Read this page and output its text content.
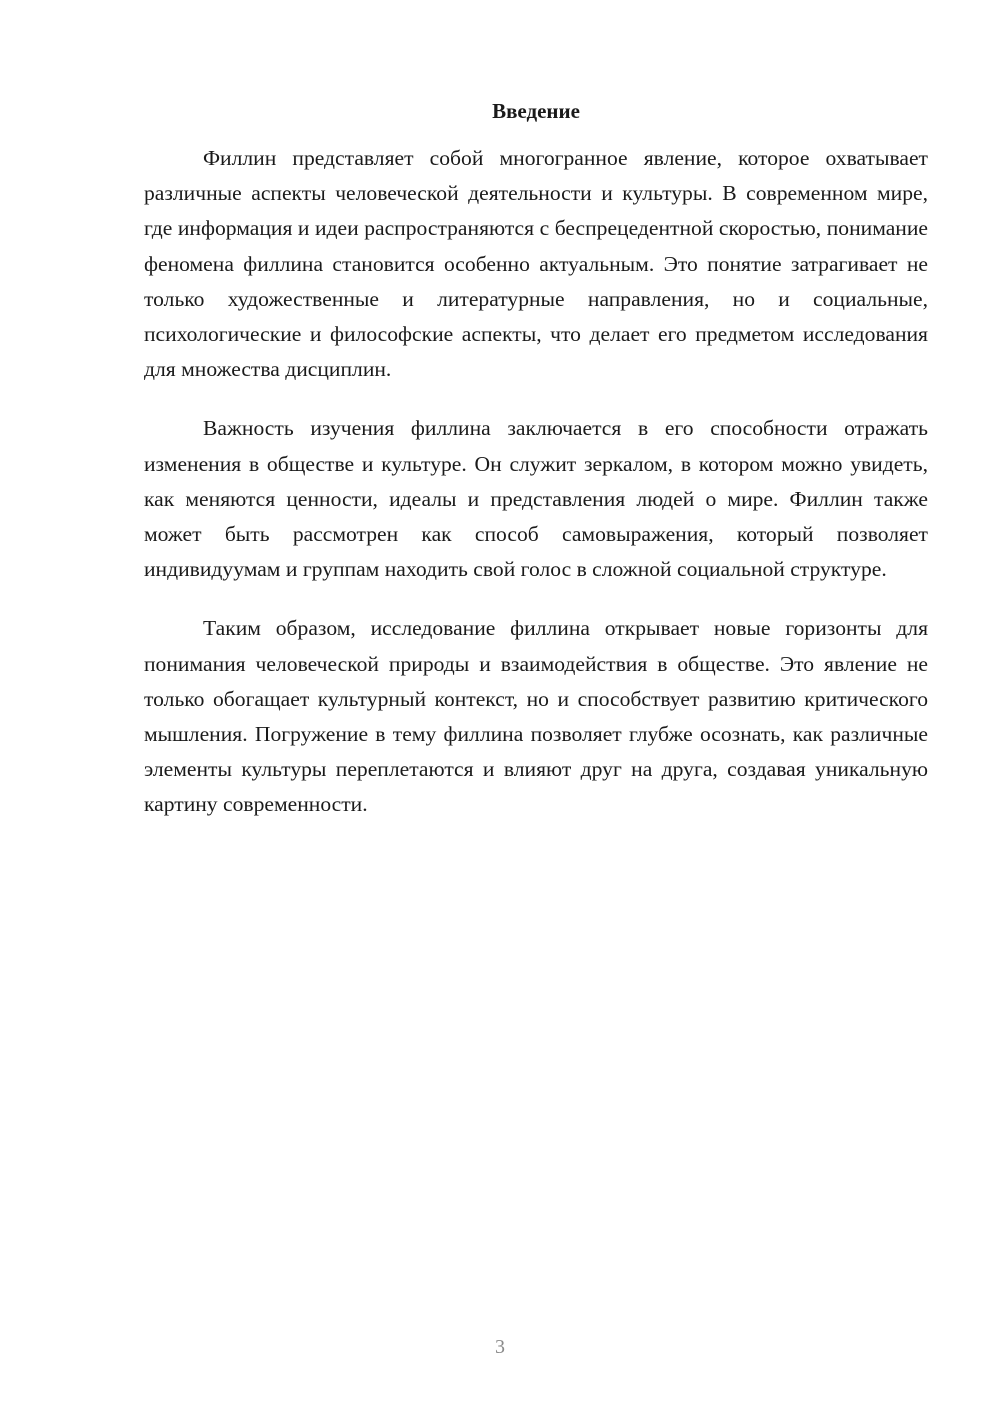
Введение

Филлин представляет собой многогранное явление, которое охватывает различные аспекты человеческой деятельности и культуры. В современном мире, где информация и идеи распространяются с беспрецедентной скоростью, понимание феномена филлина становится особенно актуальным. Это понятие затрагивает не только художественные и литературные направления, но и социальные, психологические и философские аспекты, что делает его предметом исследования для множества дисциплин.

Важность изучения филлина заключается в его способности отражать изменения в обществе и культуре. Он служит зеркалом, в котором можно увидеть, как меняются ценности, идеалы и представления людей о мире. Филлин также может быть рассмотрен как способ самовыражения, который позволяет индивидуумам и группам находить свой голос в сложной социальной структуре.

Таким образом, исследование филлина открывает новые горизонты для понимания человеческой природы и взаимодействия в обществе. Это явление не только обогащает культурный контекст, но и способствует развитию критического мышления. Погружение в тему филлина позволяет глубже осознать, как различные элементы культуры переплетаются и влияют друг на друга, создавая уникальную картину современности.

3
